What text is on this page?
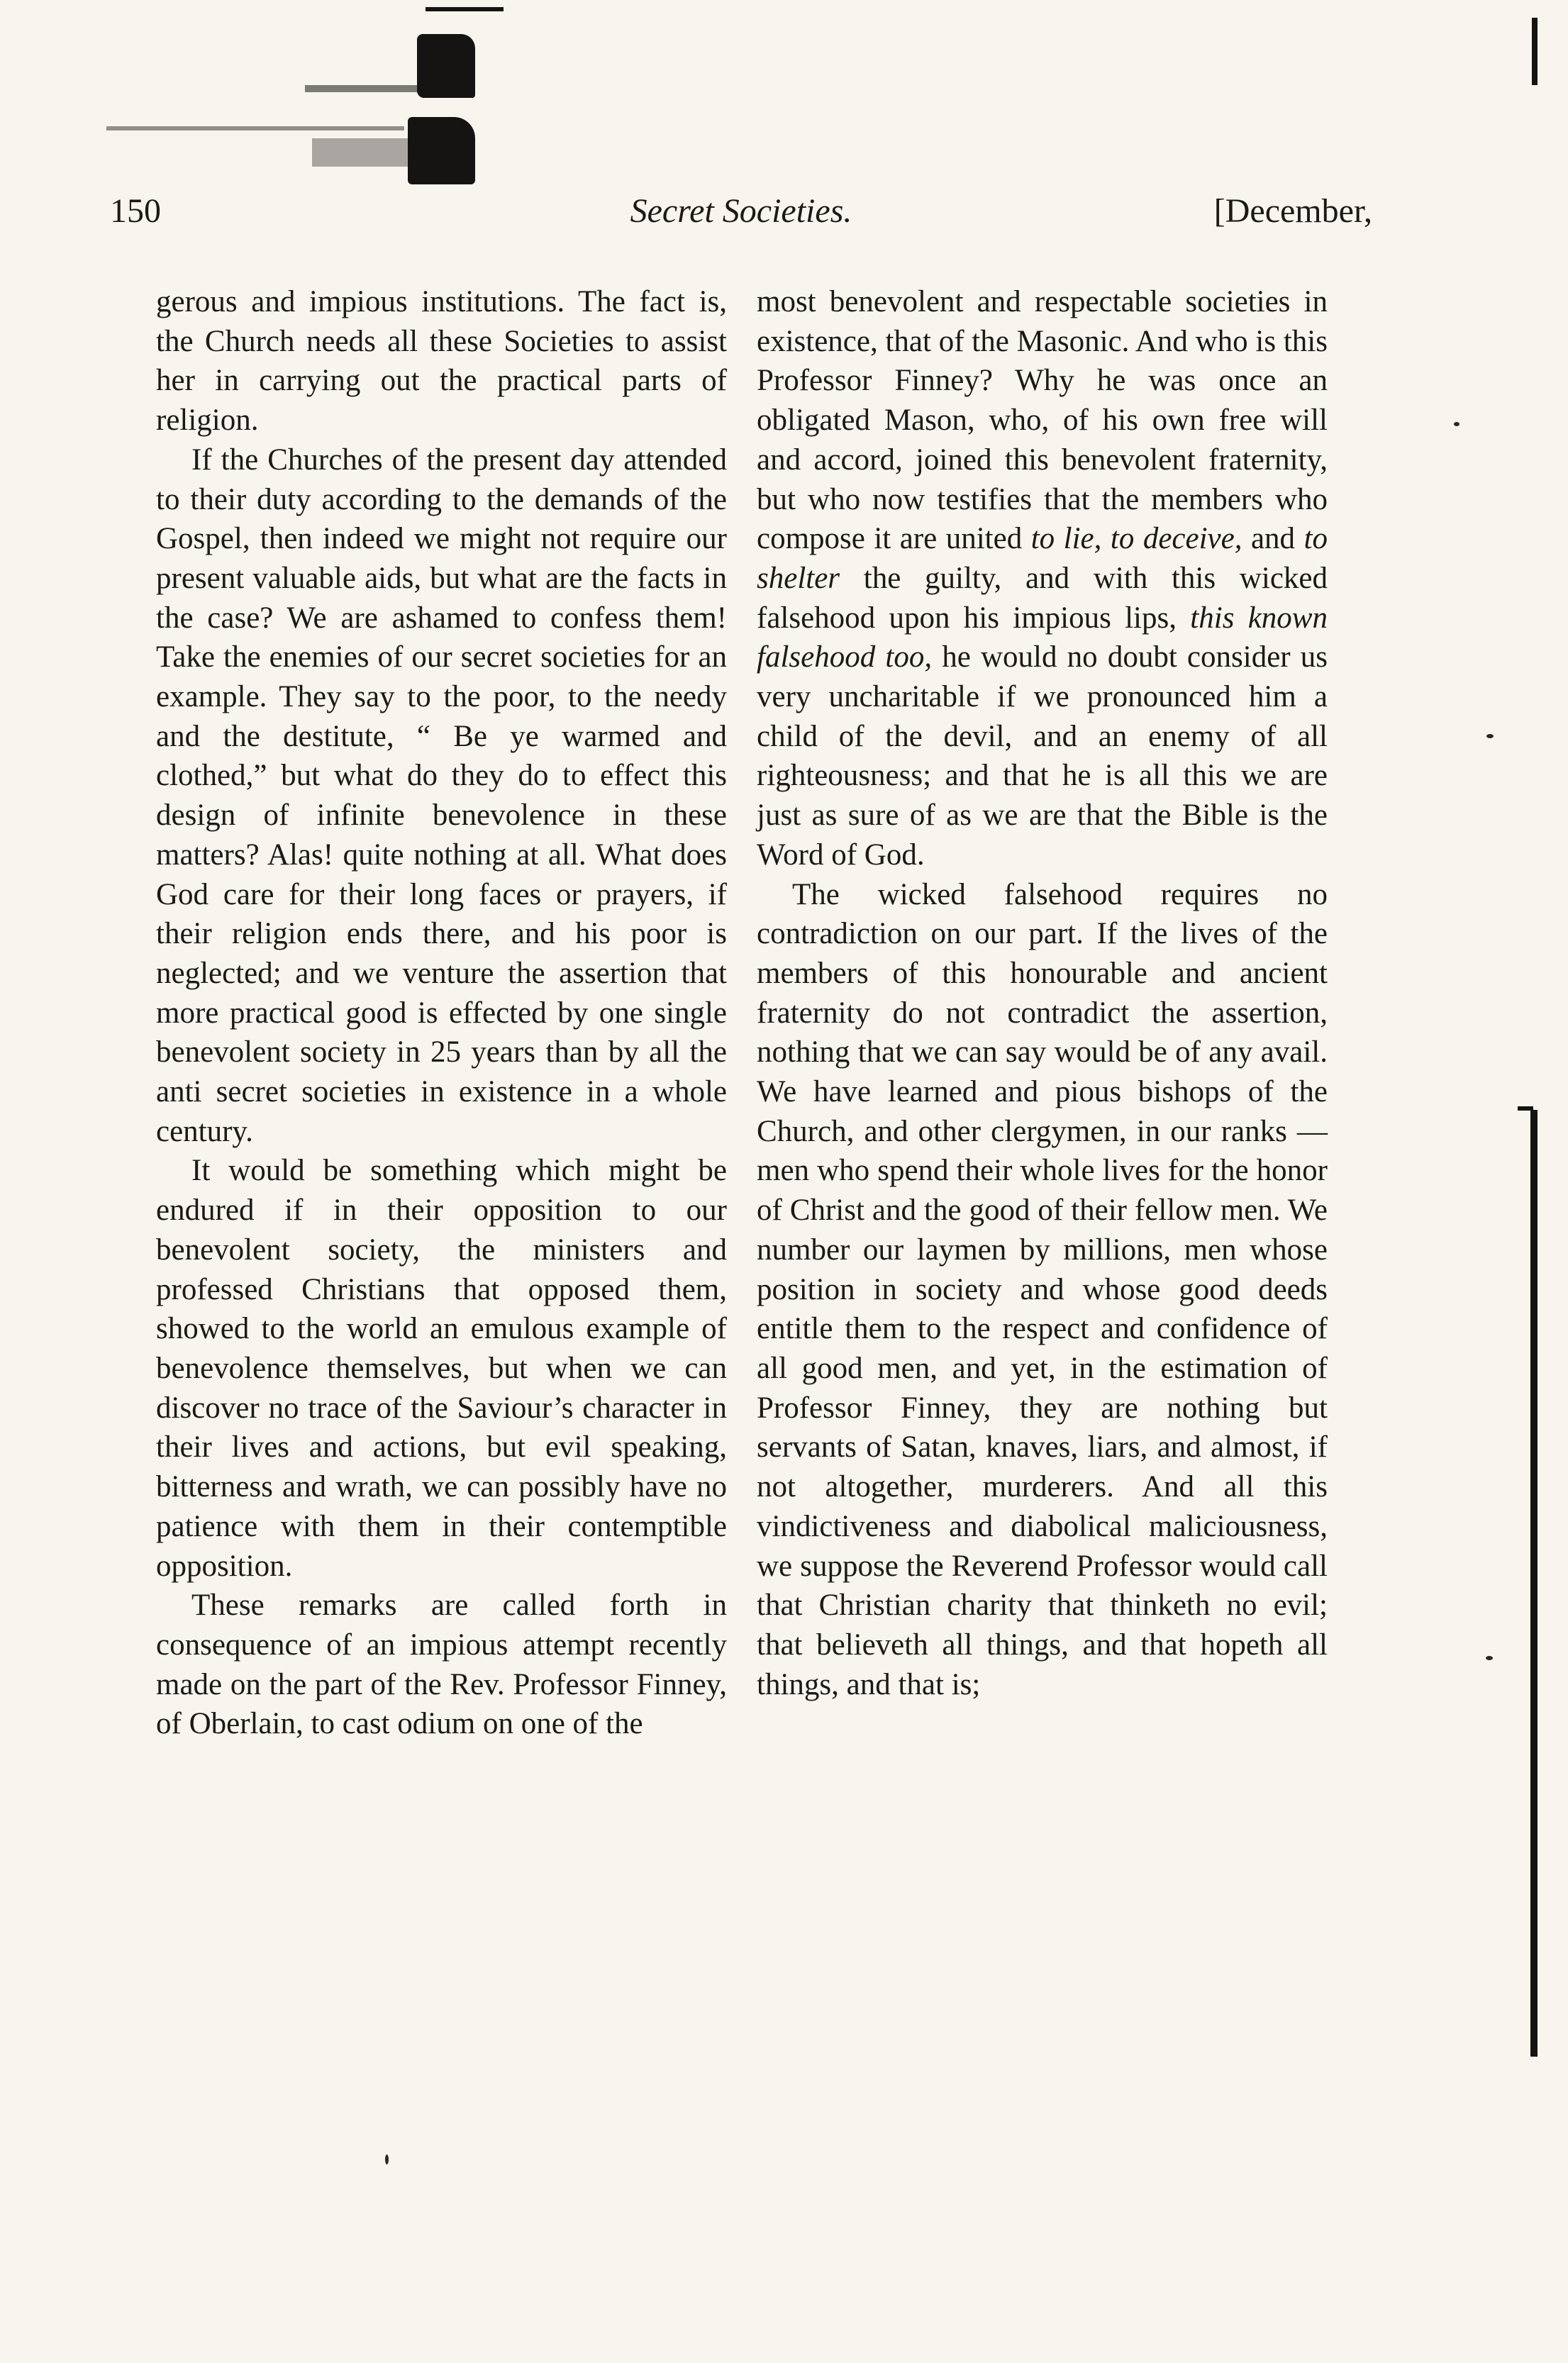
150	Secret Societies.	[December,

gerous and impious institutions. The fact is, the Church needs all these Societies to assist her in carrying out the practical parts of religion.

If the Churches of the present day attended to their duty according to the demands of the Gospel, then indeed we might not require our present valuable aids, but what are the facts in the case? We are ashamed to confess them! Take the enemies of our secret societies for an example. They say to the poor, to the needy and the destitute, “ Be ye warmed and clothed,” but what do they do to effect this design of infinite benevolence in these matters? Alas! quite nothing at all. What does God care for their long faces or prayers, if their religion ends there, and his poor is neglected; and we venture the assertion that more practical good is effected by one single benevolent society in 25 years than by all the anti secret societies in existence in a whole century.

It would be something which might be endured if in their opposition to our benevolent society, the ministers and professed Christians that opposed them, showed to the world an emulous example of benevolence themselves, but when we can discover no trace of the Saviour’s character in their lives and actions, but evil speaking, bitterness and wrath, we can possibly have no patience with them in their contemptible opposition.

These remarks are called forth in consequence of an impious attempt recently made on the part of the Rev. Professor Finney, of Oberlain, to cast odium on one of the

most benevolent and respectable societies in existence, that of the Masonic. And who is this Professor Finney? Why he was once an obligated Mason, who, of his own free will and accord, joined this benevolent fraternity, but who now testifies that the members who compose it are united to lie, to deceive, and to shelter the guilty, and with this wicked falsehood upon his impious lips, this known falsehood too, he would no doubt consider us very uncharitable if we pronounced him a child of the devil, and an enemy of all righteousness; and that he is all this we are just as sure of as we are that the Bible is the Word of God.

The wicked falsehood requires no contradiction on our part. If the lives of the members of this honourable and ancient fraternity do not contradict the assertion, nothing that we can say would be of any avail. We have learned and pious bishops of the Church, and other clergymen, in our ranks —men who spend their whole lives for the honor of Christ and the good of their fellow men. We number our laymen by millions, men whose position in society and whose good deeds entitle them to the respect and confidence of all good men, and yet, in the estimation of Professor Finney, they are nothing but servants of Satan, knaves, liars, and almost, if not altogether, murderers. And all this vindictiveness and diabolical maliciousness, we suppose the Reverend Professor would call that Christian charity that thinketh no evil; that believeth all things, and that hopeth all things, and that is;
